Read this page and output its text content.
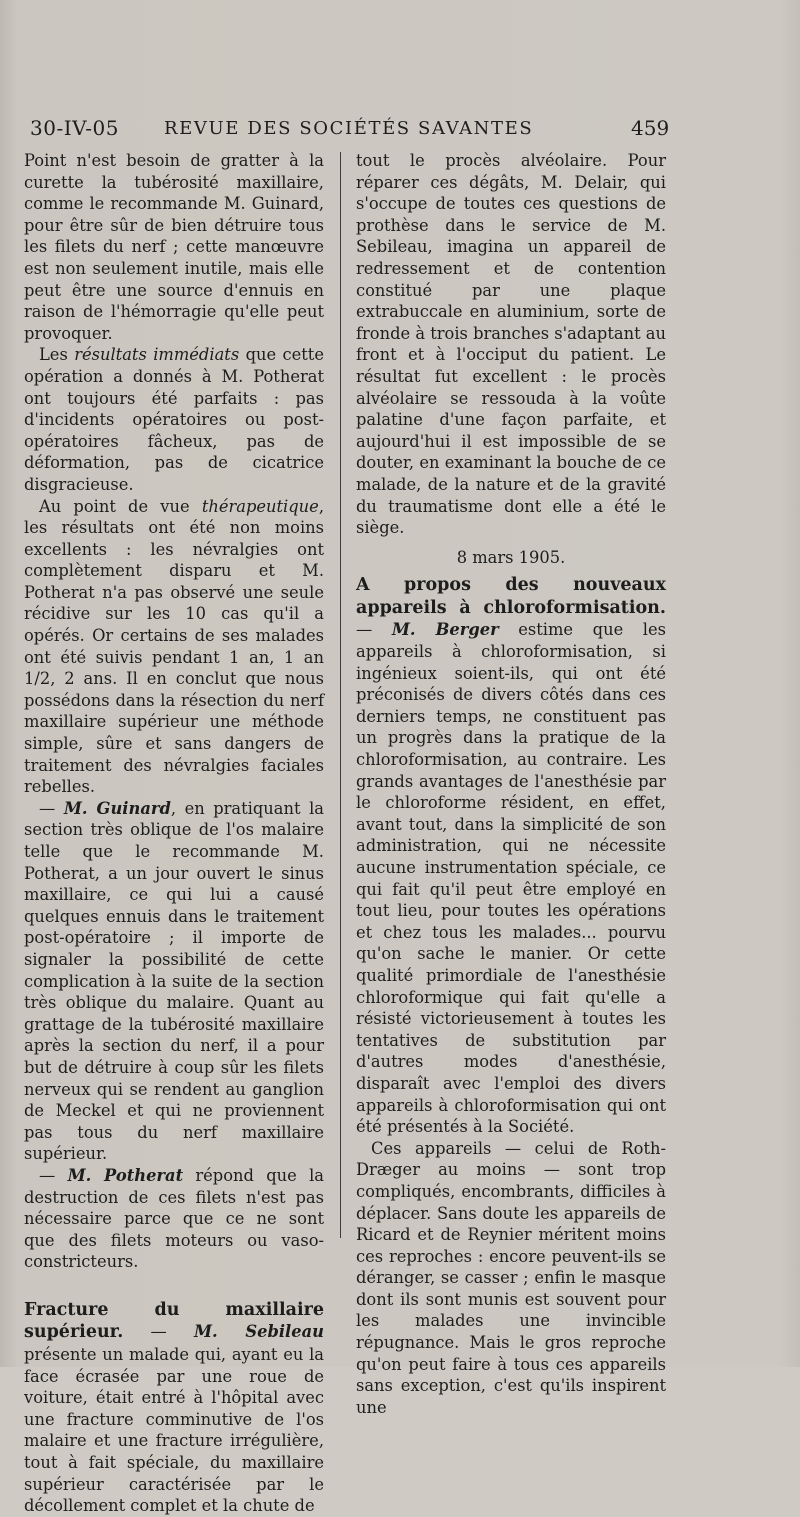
30-IV-05	REVUE DES SOCIÉTÉS SAVANTES	459

Point n'est besoin de gratter à la curette la tubérosité maxillaire, comme le recommande M. Guinard, pour être sûr de bien détruire tous les filets du nerf ; cette manœuvre est non seulement inutile, mais elle peut être une source d'ennuis en raison de l'hémorragie qu'elle peut provoquer.

Les résultats immédiats que cette opération a donnés à M. Potherat ont toujours été parfaits : pas d'incidents opératoires ou post-opératoires fâcheux, pas de déformation, pas de cicatrice disgracieuse.

Au point de vue thérapeutique, les résultats ont été non moins excellents : les névralgies ont complètement disparu et M. Potherat n'a pas observé une seule récidive sur les 10 cas qu'il a opérés. Or certains de ses malades ont été suivis pendant 1 an, 1 an 1/2, 2 ans. Il en conclut que nous possédons dans la résection du nerf maxillaire supérieur une méthode simple, sûre et sans dangers de traitement des névralgies faciales rebelles.

— M. Guinard, en pratiquant la section très oblique de l'os malaire telle que le recommande M. Potherat, a un jour ouvert le sinus maxillaire, ce qui lui a causé quelques ennuis dans le traitement post-opératoire ; il importe de signaler la possibilité de cette complication à la suite de la section très oblique du malaire. Quant au grattage de la tubérosité maxillaire après la section du nerf, il a pour but de détruire à coup sûr les filets nerveux qui se rendent au ganglion de Meckel et qui ne proviennent pas tous du nerf maxillaire supérieur.

— M. Potherat répond que la destruction de ces filets n'est pas nécessaire parce que ce ne sont que des filets moteurs ou vaso-constricteurs.

Fracture du maxillaire supérieur. — M. Sebileau présente un malade qui, ayant eu la face écrasée par une roue de voiture, était entré à l'hôpital avec une fracture comminutive de l'os malaire et une fracture irrégulière, tout à fait spéciale, du maxillaire supérieur caractérisée par le décollement complet et la chute de

tout le procès alvéolaire. Pour réparer ces dégâts, M. Delair, qui s'occupe de toutes ces questions de prothèse dans le service de M. Sebileau, imagina un appareil de redressement et de contention constitué par une plaque extrabuccale en aluminium, sorte de fronde à trois branches s'adaptant au front et à l'occiput du patient. Le résultat fut excellent : le procès alvéolaire se ressouda à la voûte palatine d'une façon parfaite, et aujourd'hui il est impossible de se douter, en examinant la bouche de ce malade, de la nature et de la gravité du traumatisme dont elle a été le siège.

8 mars 1905.

A propos des nouveaux appareils à chloroformisation. — M. Berger estime que les appareils à chloroformisation, si ingénieux soient-ils, qui ont été préconisés de divers côtés dans ces derniers temps, ne constituent pas un progrès dans la pratique de la chloroformisation, au contraire. Les grands avantages de l'anesthésie par le chloroforme résident, en effet, avant tout, dans la simplicité de son administration, qui ne nécessite aucune instrumentation spéciale, ce qui fait qu'il peut être employé en tout lieu, pour toutes les opérations et chez tous les malades... pourvu qu'on sache le manier. Or cette qualité primordiale de l'anesthésie chloroformique qui fait qu'elle a résisté victorieusement à toutes les tentatives de substitution par d'autres modes d'anesthésie, disparaît avec l'emploi des divers appareils à chloroformisation qui ont été présentés à la Société.

Ces appareils — celui de Roth-Dræger au moins — sont trop compliqués, encombrants, difficiles à déplacer. Sans doute les appareils de Ricard et de Reynier méritent moins ces reproches : encore peuvent-ils se déranger, se casser ; enfin le masque dont ils sont munis est souvent pour les malades une invincible répugnance. Mais le gros reproche qu'on peut faire à tous ces appareils sans exception, c'est qu'ils inspirent une
